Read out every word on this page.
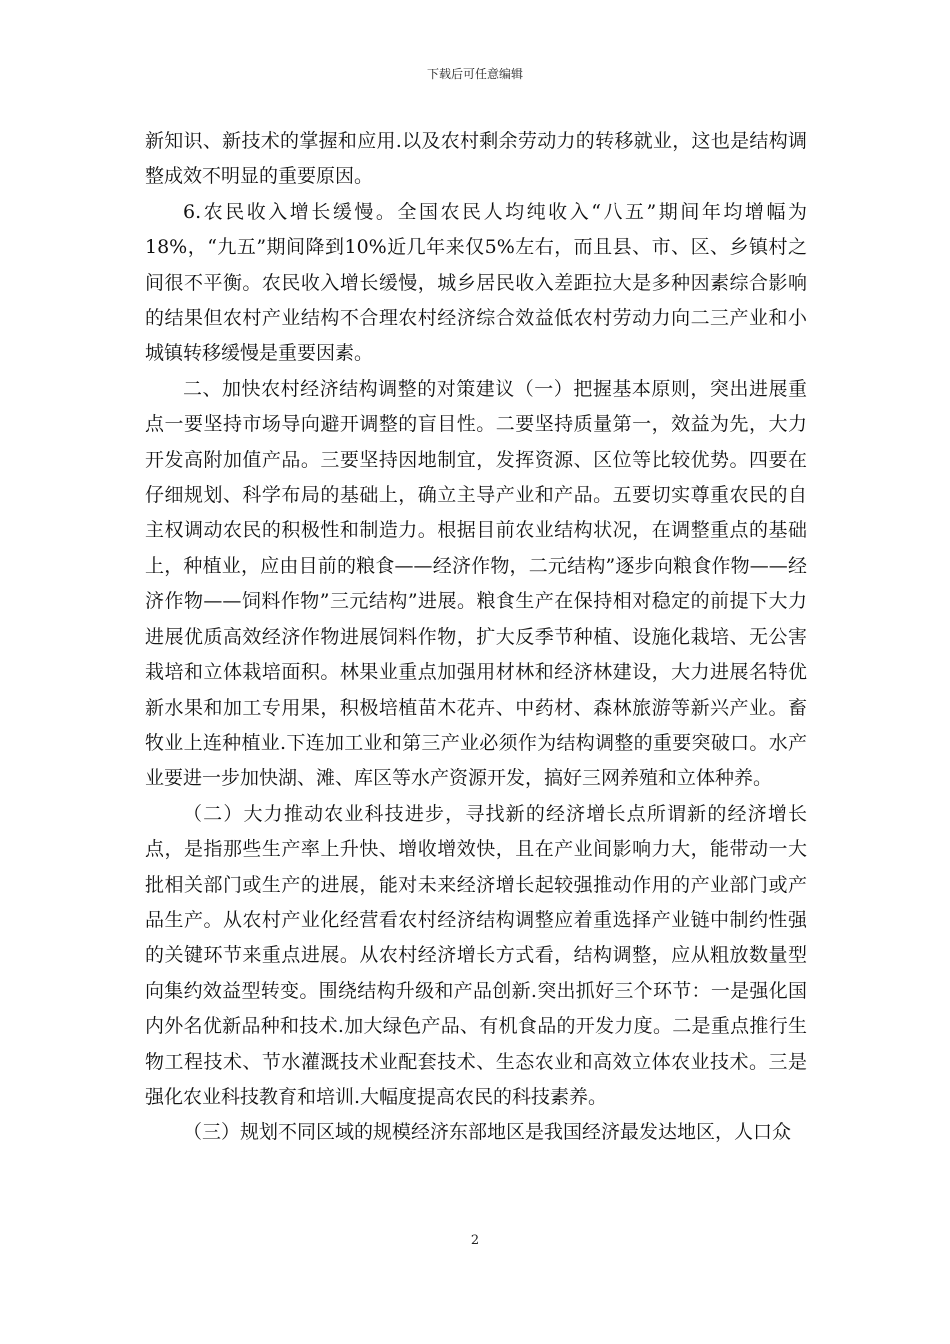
下载后可任意编辑

新知识、新技术的掌握和应用.以及农村剩余劳动力的转移就业，这也是结构调整成效不明显的重要原因。

6.农民收入增长缓慢。全国农民人均纯收入“八五”期间年均增幅为18%，“九五”期间降到10%近几年来仅5%左右，而且县、市、区、乡镇村之间很不平衡。农民收入增长缓慢，城乡居民收入差距拉大是多种因素综合影响的结果但农村产业结构不合理农村经济综合效益低农村劳动力向二三产业和小城镇转移缓慢是重要因素。

二、加快农村经济结构调整的对策建议（一）把握基本原则，突出进展重点一要坚持市场导向避开调整的盲目性。二要坚持质量第一，效益为先，大力开发高附加值产品。三要坚持因地制宜，发挥资源、区位等比较优势。四要在仔细规划、科学布局的基础上，确立主导产业和产品。五要切实尊重农民的自主权调动农民的积极性和制造力。根据目前农业结构状况，在调整重点的基础上，种植业，应由目前的粮食——经济作物，二元结构”逐步向粮食作物——经济作物——饲料作物”三元结构”进展。粮食生产在保持相对稳定的前提下大力进展优质高效经济作物进展饲料作物，扩大反季节种植、设施化栽培、无公害栽培和立体栽培面积。林果业重点加强用材林和经济林建设，大力进展名特优新水果和加工专用果，积极培植苗木花卉、中药材、森林旅游等新兴产业。畜牧业上连种植业.下连加工业和第三产业必须作为结构调整的重要突破口。水产业要进一步加快湖、滩、库区等水产资源开发，搞好三网养殖和立体种养。

（二）大力推动农业科技进步，寻找新的经济增长点所谓新的经济增长点，是指那些生产率上升快、增收增效快，且在产业间影响力大，能带动一大批相关部门或生产的进展，能对未来经济增长起较强推动作用的产业部门或产品生产。从农村产业化经营看农村经济结构调整应着重选择产业链中制约性强的关键环节来重点进展。从农村经济增长方式看，结构调整，应从粗放数量型向集约效益型转变。围绕结构升级和产品创新.突出抓好三个环节：一是强化国内外名优新品种和技术.加大绿色产品、有机食品的开发力度。二是重点推行生物工程技术、节水灌溉技术业配套技术、生态农业和高效立体农业技术。三是强化农业科技教育和培训.大幅度提高农民的科技素养。

（三）规划不同区域的规模经济东部地区是我国经济最发达地区，人口众

2
